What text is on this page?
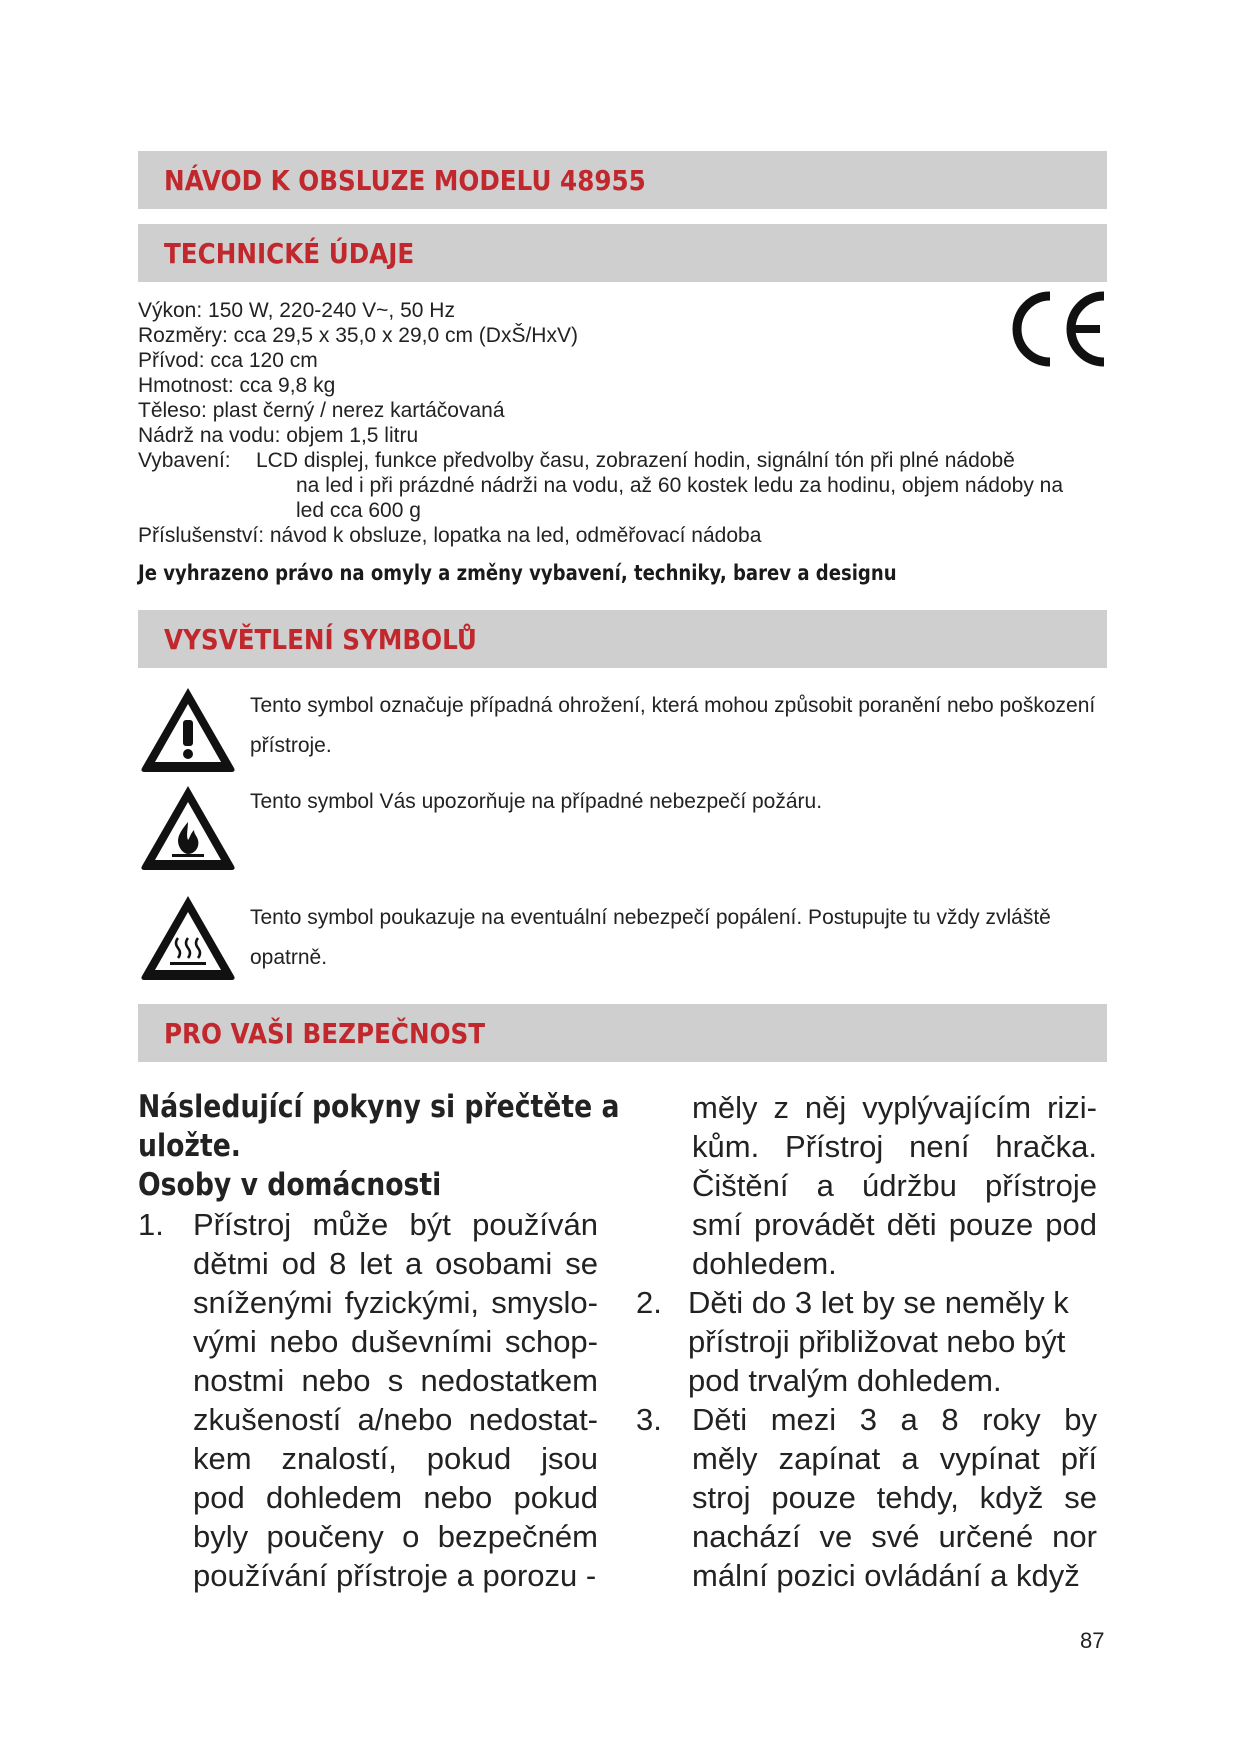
NÁVOD K OBSLUZE MODELU 48955
TECHNICKÉ ÚDAJE
Výkon: 150 W, 220-240 V~, 50 Hz
Rozměry: cca 29,5 x 35,0 x 29,0 cm (DxŠ/HxV)
Přívod: cca 120 cm
Hmotnost: cca 9,8 kg
Těleso: plast černý / nerez kartáčovaná
Nádrž na vodu: objem 1,5 litru
Vybavení: LCD displej, funkce předvolby času, zobrazení hodin, signální tón při plné nádobě
na led i při prázdné nádrži na vodu, až 60 kostek ledu za hodinu, objem nádoby na
led cca 600 g
Příslušenství: návod k obsluze, lopatka na led, odměřovací nádoba
Je vyhrazeno právo na omyly a změny vybavení, techniky, barev a designu
VYSVĚTLENÍ SYMBOLŮ
Tento symbol označuje případná ohrožení, která mohou způsobit poranění nebo poškození
přístroje.
Tento symbol Vás upozorňuje na případné nebezpečí požáru.
Tento symbol poukazuje na eventuální nebezpečí popálení. Postupujte tu vždy zvláště
opatrně.
PRO VAŠI BEZPEČNOST
Následující pokyny si přečtěte a
uložte.
Osoby v domácnosti
1. Přístroj může být používán
dětmi od 8 let a osobami se
sníženými fyzickými, smyslo-
vými nebo duševními schop-
nostmi nebo s nedostatkem
zkušeností a/nebo nedostat-
kem znalostí, pokud jsou
pod dohledem nebo pokud
byly poučeny o bezpečném
používání přístroje a porozu -
měly z něj vyplývajícím rizi-
kům. Přístroj není hračka.
Čištění a údržbu přístroje
smí provádět děti pouze pod
dohledem.
2. Děti do 3 let by se neměly k
přístroji přibližovat nebo být
pod trvalým dohledem.
3. Děti mezi 3 a 8 roky by
měly zapínat a vypínat pří
stroj pouze tehdy, když se
nachází ve své určené nor
mální pozici ovládání a když
87
